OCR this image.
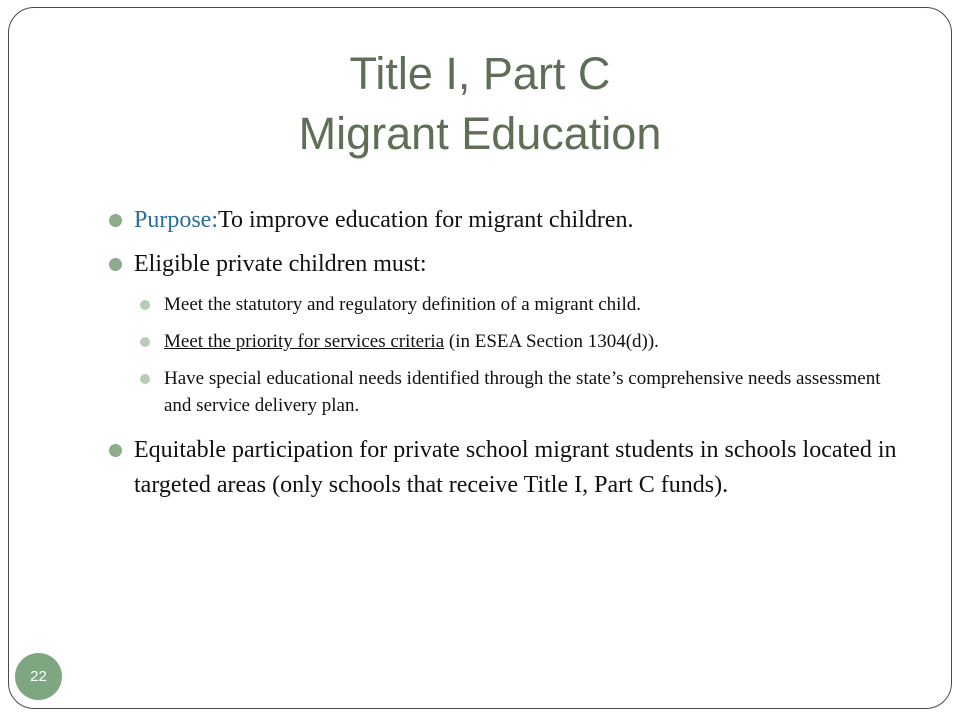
Title I, Part C
Migrant Education
Purpose:To improve education for migrant children.
Eligible private children must:
Meet the statutory and regulatory definition of a migrant child.
Meet the priority for services criteria (in ESEA Section 1304(d)).
Have special educational needs identified through the state’s comprehensive needs assessment and service delivery plan.
Equitable participation for private school migrant students in schools located in targeted areas (only schools that receive Title I, Part C funds).
22
